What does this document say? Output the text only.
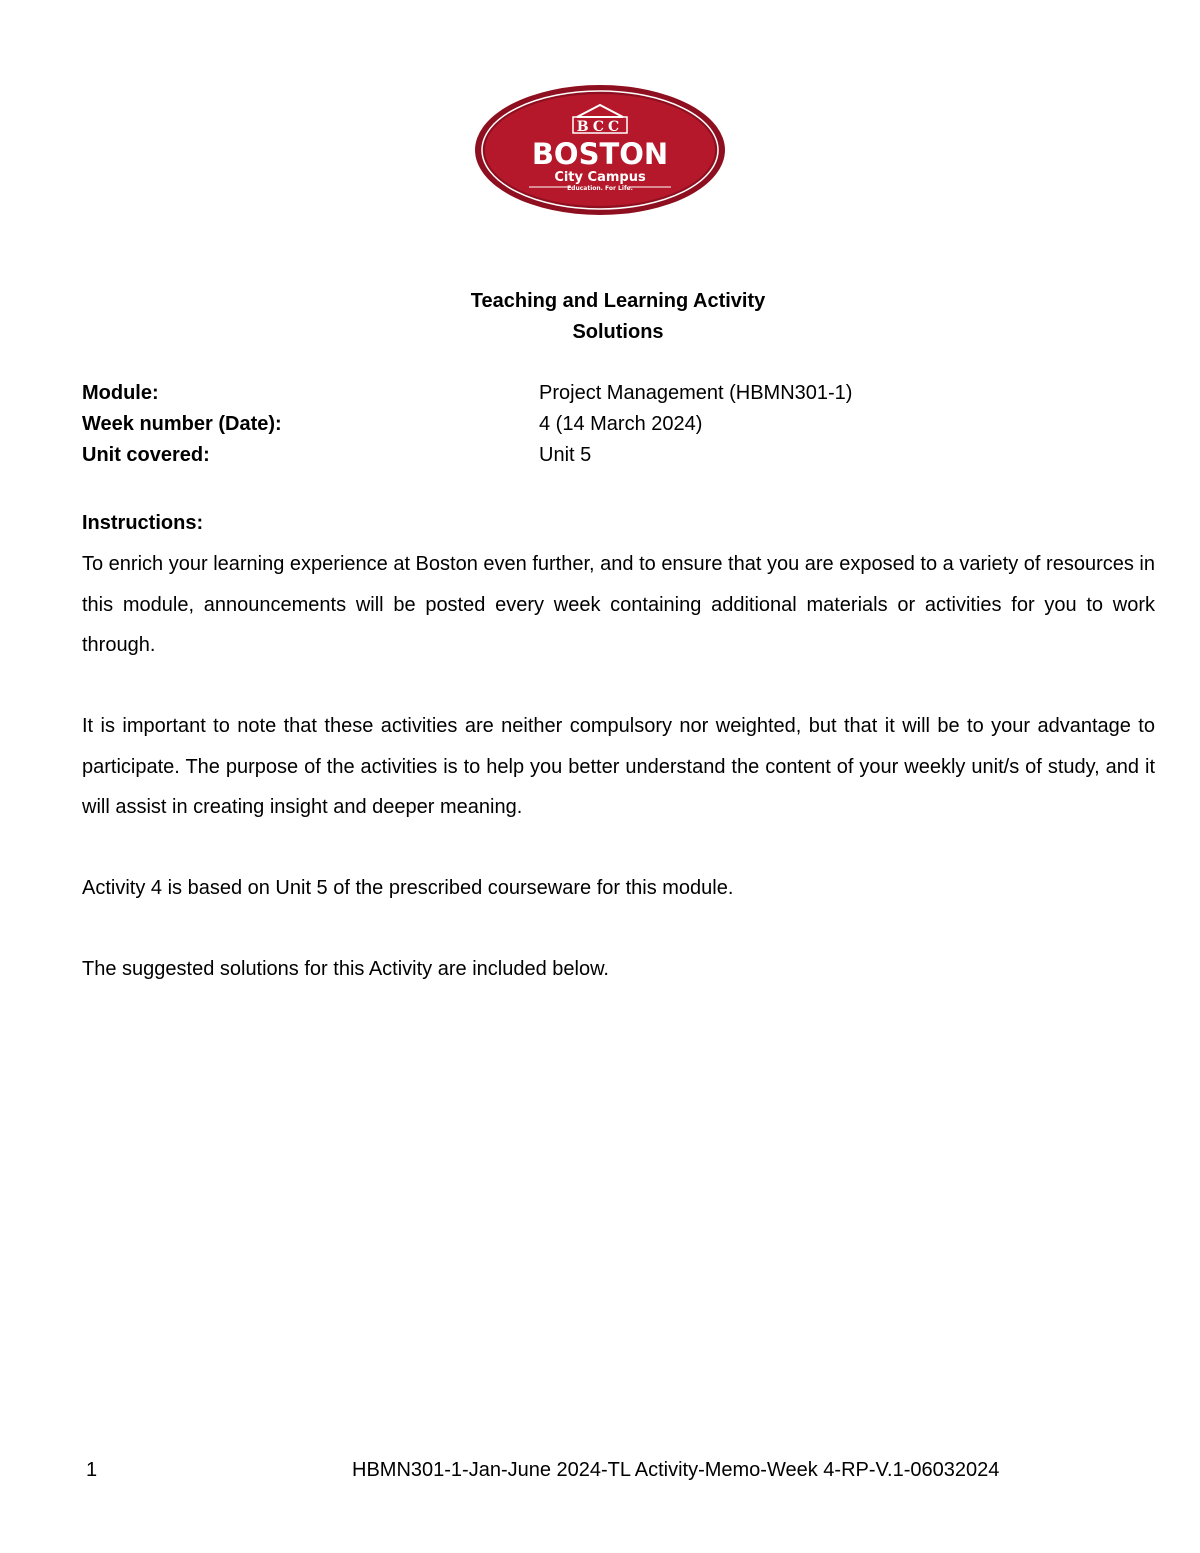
BCC
BOSTON
City Campus
Education. For Life.
Teaching and Learning Activity
Solutions
Module:	Project Management (HBMN301-1)
Week number (Date):	4 (14 March 2024)
Unit covered:	Unit 5
Instructions:

To enrich your learning experience at Boston even further, and to ensure that you are exposed to a variety of resources in this module, announcements will be posted every week containing additional materials or activities for you to work through.

It is important to note that these activities are neither compulsory nor weighted, but that it will be to your advantage to participate. The purpose of the activities is to help you better understand the content of your weekly unit/s of study, and it will assist in creating insight and deeper meaning.

Activity 4 is based on Unit 5 of the prescribed courseware for this module.

The suggested solutions for this Activity are included below.

1	HBMN301-1-Jan-June 2024-TL Activity-Memo-Week 4-RP-V.1-06032024
